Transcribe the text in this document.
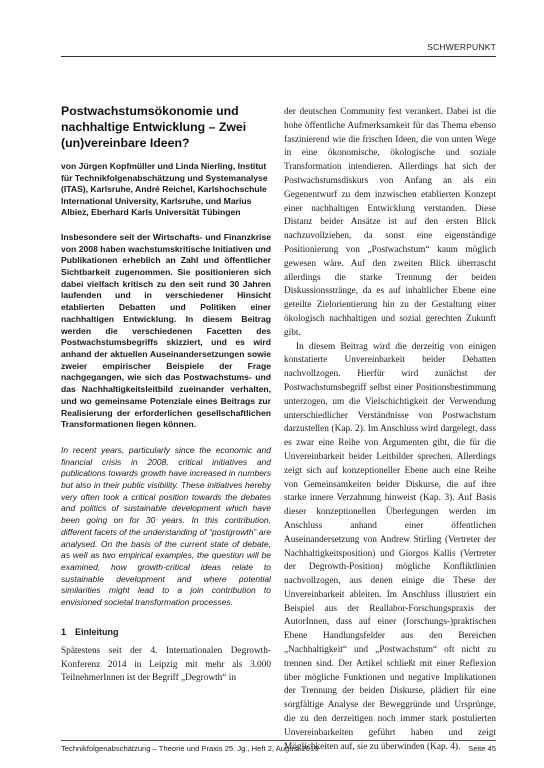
SCHWERPUNKT
Postwachstumsökonomie und nachhaltige Entwicklung – Zwei (un)vereinbare Ideen?

von Jürgen Kopfmüller und Linda Nierling, Institut für Technikfolgenabschätzung und Systemanalyse (ITAS), Karlsruhe, André Reichel, Karlshochschule International University, Karlsruhe, und Marius Albiez, Eberhard Karls Universität Tübingen

Insbesondere seit der Wirtschafts- und Finanzkrise von 2008 haben wachstumskritische Initiativen und Publikationen erheblich an Zahl und öffentlicher Sichtbarkeit zugenommen. Sie positionieren sich dabei vielfach kritisch zu den seit rund 30 Jahren laufenden und in verschiedener Hinsicht etablierten Debatten und Politiken einer nachhaltigen Entwicklung. In diesem Beitrag werden die verschiedenen Facetten des Postwachstumsbegriffs skizziert, und es wird anhand der aktuellen Auseinandersetzungen sowie zweier empirischer Beispiele der Frage nachgegangen, wie sich das Postwachstums- und das Nachhaltigkeitsleitbild zueinander verhalten, und wo gemeinsame Potenziale eines Beitrags zur Realisierung der erforderlichen gesellschaftlichen Transformationen liegen können.

In recent years, particularly since the economic and financial crisis in 2008, critical initiatives and publications towards growth have increased in numbers but also in their public visibility. These initiatives hereby very often took a critical position towards the debates and politics of sustainable development which have been going on for 30 years. In this contribution, different facets of the understanding of “postgrowth” are analysed. On the basis of the current state of debate, as well as two empirical examples, the question will be examined, how growth-critical ideas relate to sustainable development and where potential similarities might lead to a join contribution to envisioned societal transformation processes.

1 Einleitung

Spätestens seit der 4. Internationalen Degrowth-Konferenz 2014 in Leipzig mit mehr als 3.000 TeilnehmerInnen ist der Begriff „Degrowth“ in

der deutschen Community fest verankert. Dabei ist die hohe öffentliche Aufmerksamkeit für das Thema ebenso faszinierend wie die frischen Ideen, die von unten Wege in eine ökonomische, ökologische und soziale Transformation intendieren. Allerdings hat sich der Postwachstumsdiskurs von Anfang an als ein Gegenentwurf zu dem inzwischen etablierten Konzept einer nachhaltigen Entwicklung verstanden. Diese Distanz beider Ansätze ist auf den ersten Blick nachzuvollziehen, da sonst eine eigenständige Positionierung von „Postwachstum“ kaum möglich gewesen wäre. Auf den zweiten Blick überrascht allerdings die starke Trennung der beiden Diskussionsstränge, da es auf inhaltlicher Ebene eine geteilte Zielorientierung hin zu der Gestaltung einer ökologisch nachhaltigen und sozial gerechten Zukunft gibt.

In diesem Beitrag wird die derzeitig von einigen konstatierte Unvereinbarkeit beider Debatten nachvollzogen. Hierfür wird zunächst der Postwachstumsbegriff selbst einer Positionsbestimmung unterzogen, um die Vielschichtigkeit der Verwendung unterschiedlicher Verständnisse von Postwachstum darzustellen (Kap. 2). Im Anschluss wird dargelegt, dass es zwar eine Reihe von Argumenten gibt, die für die Unvereinbarkeit beider Leitbilder sprechen. Allerdings zeigt sich auf konzeptioneller Ebene auch eine Reihe von Gemeinsamkeiten beider Diskurse, die auf ihre starke innere Verzahnung hinweist (Kap. 3). Auf Basis dieser konzeptionellen Überlegungen werden im Anschluss anhand einer öffentlichen Auseinandersetzung von Andrew Stirling (Vertreter der Nachhaltigkeitsposition) und Giorgos Kallis (Vertreter der Degrowth-Position) mögliche Konfliktlinien nachvollzogen, aus denen einige die These der Unvereinbarkeit ableiten. Im Anschluss illustriert ein Beispiel aus der Reallabor-Forschungspraxis der AutorInnen, dass auf einer (forschungs-)praktischen Ebene Handlungsfelder aus den Bereichen „Nachhaltigkeit“ und „Postwachstum“ oft nicht zu trennen sind. Der Artikel schließt mit einer Reflexion über mögliche Funktionen und negative Implikationen der Trennung der beiden Diskurse, plädiert für eine sorgfältige Analyse der Beweggründe und Ursprünge, die zu den derzeitigen noch immer stark postulierten Unvereinbarkeiten geführt haben und zeigt Möglichkeiten auf, sie zu überwinden (Kap. 4).

Technikfolgenabschätzung – Theorie und Praxis 25. Jg., Heft 2, August 2016	Seite 45
